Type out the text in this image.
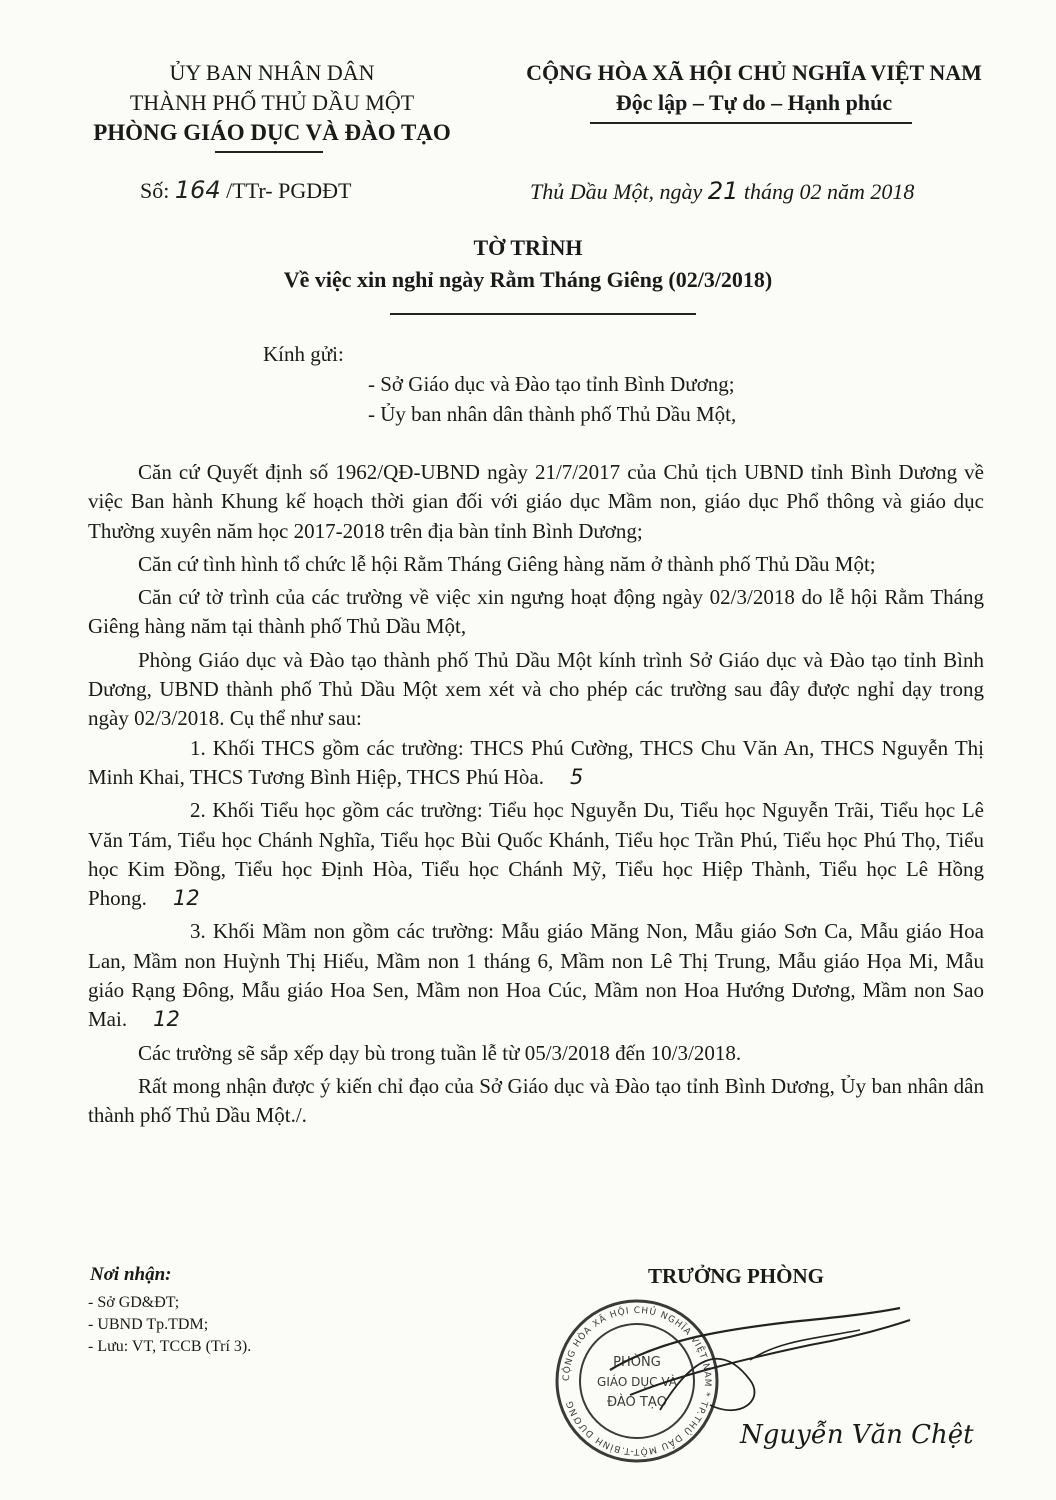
ỦY BAN NHÂN DÂN
THÀNH PHỐ THỦ DẦU MỘT
PHÒNG GIÁO DỤC VÀ ĐÀO TẠO
CỘNG HÒA XÃ HỘI CHỦ NGHĨA VIỆT NAM
Độc lập – Tự do – Hạnh phúc
Số: 164 /TTr- PGDĐT	Thủ Dầu Một, ngày 21 tháng 02 năm 2018
TỜ TRÌNH
Về việc xin nghỉ ngày Rằm Tháng Giêng (02/3/2018)
Kính gửi:
- Sở Giáo dục và Đào tạo tỉnh Bình Dương;
- Ủy ban nhân dân thành phố Thủ Dầu Một,

Căn cứ Quyết định số 1962/QĐ-UBND ngày 21/7/2017 của Chủ tịch UBND tỉnh Bình Dương về việc Ban hành Khung kế hoạch thời gian đối với giáo dục Mầm non, giáo dục Phổ thông và giáo dục Thường xuyên năm học 2017-2018 trên địa bàn tỉnh Bình Dương;

Căn cứ tình hình tổ chức lễ hội Rằm Tháng Giêng hàng năm ở thành phố Thủ Dầu Một;

Căn cứ tờ trình của các trường về việc xin ngưng hoạt động ngày 02/3/2018 do lễ hội Rằm Tháng Giêng hàng năm tại thành phố Thủ Dầu Một,

Phòng Giáo dục và Đào tạo thành phố Thủ Dầu Một kính trình Sở Giáo dục và Đào tạo tỉnh Bình Dương, UBND thành phố Thủ Dầu Một xem xét và cho phép các trường sau đây được nghỉ dạy trong ngày 02/3/2018. Cụ thể như sau:

1. Khối THCS gồm các trường: THCS Phú Cường, THCS Chu Văn An, THCS Nguyễn Thị Minh Khai, THCS Tương Bình Hiệp, THCS Phú Hòa. 5

2. Khối Tiểu học gồm các trường: Tiểu học Nguyễn Du, Tiểu học Nguyễn Trãi, Tiểu học Lê Văn Tám, Tiểu học Chánh Nghĩa, Tiểu học Bùi Quốc Khánh, Tiểu học Trần Phú, Tiểu học Phú Thọ, Tiểu học Kim Đồng, Tiểu học Định Hòa, Tiểu học Chánh Mỹ, Tiểu học Hiệp Thành, Tiểu học Lê Hồng Phong. 12

3. Khối Mầm non gồm các trường: Mẫu giáo Măng Non, Mẫu giáo Sơn Ca, Mẫu giáo Hoa Lan, Mầm non Huỳnh Thị Hiếu, Mầm non 1 tháng 6, Mầm non Lê Thị Trung, Mẫu giáo Họa Mi, Mẫu giáo Rạng Đông, Mẫu giáo Hoa Sen, Mầm non Hoa Cúc, Mầm non Hoa Hướng Dương, Mầm non Sao Mai. 12

Các trường sẽ sắp xếp dạy bù trong tuần lễ từ 05/3/2018 đến 10/3/2018.

Rất mong nhận được ý kiến chỉ đạo của Sở Giáo dục và Đào tạo tỉnh Bình Dương, Ủy ban nhân dân thành phố Thủ Dầu Một./.

Nơi nhận:
- Sở GD&ĐT;
- UBND Tp.TDM;
- Lưu: VT, TCCB (Trí 3).
TRƯỞNG PHÒNG
CỘNG HÒA XÃ HỘI CHỦ NGHĨA VIỆT NAM * TP.THỦ DẦU MỘT-T.BÌNH DƯƠNG
PHÒNG
GIÁO DỤC VÀ
ĐÀO TẠO
Nguyễn Văn Chệt
